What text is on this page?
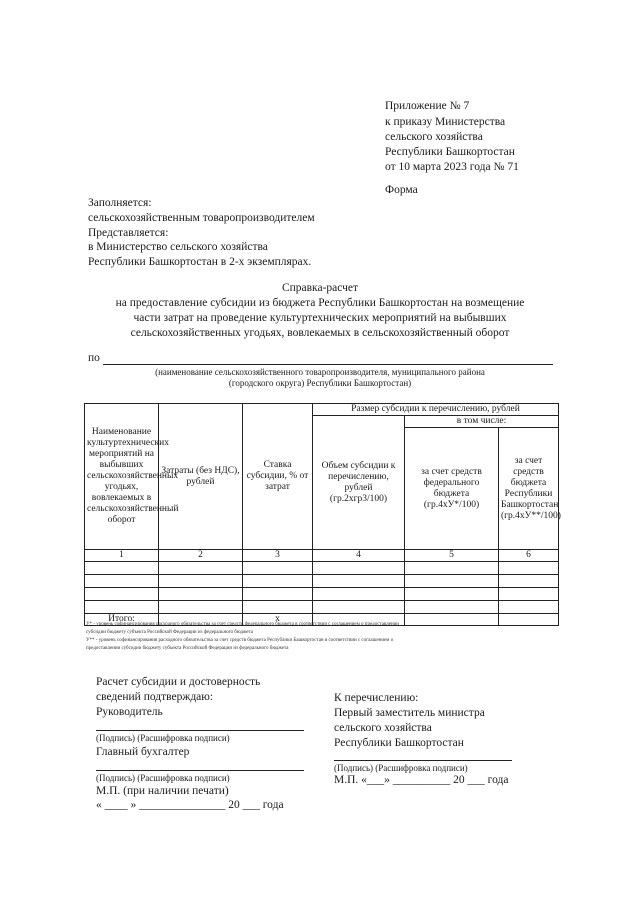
Приложение № 7
к приказу Министерства
сельского хозяйства
Республики Башкортостан
от 10 марта 2023 года № 71
Форма
Заполняется:
сельскохозяйственным товаропроизводителем
Представляется:
в Министерство сельского хозяйства
Республики Башкортостан в 2-х экземплярах.
Справка-расчет
на предоставление субсидии из бюджета Республики Башкортостан на возмещение
части затрат на проведение культуртехнических мероприятий на выбывших
сельскохозяйственных угодьях, вовлекаемых в сельскохозяйственный оборот
по
(наименование сельскохозяйственного товаропроизводителя, муниципального района
(городского округа) Республики Башкортостан)
Наименование культуртехнических мероприятий на выбывших сельскохозяйственных угодьях, вовлекаемых в сельскохозяйственный оборот	Затраты (без НДС), рублей	Ставка субсидии, % от затрат	Размер субсидии к перечислению, рублей		
			Объем субсидии к перечислению, рублей (гр.2хгр3/100)	в том числе:	
				за счет средств федерального бюджета (гр.4хУ*/100)	за счет средств бюджета Республики Башкортостан (гр.4хУ**/100)
1	2	3	4	5	6

Итого:		х			
У* - уровень софинансирования расходного обязательства за счет средств федерального бюджета в соответствии с соглашением о предоставлении
субсидии бюджету субъекта Российской Федерации из федерального бюджета
У** - уровень софинансирования расходного обязательства за счет средств бюджета Республики Башкортостан в соответствии с соглашением о
предоставлении субсидии бюджету субъекта Российской Федерации из федерального бюджета
Расчет субсидии и достоверность
сведений подтверждаю:
Руководитель
(Подпись) (Расшифровка подписи)
Главный бухгалтер
(Подпись) (Расшифровка подписи)
М.П. (при наличии печати)
« ____ » _______________ 20 ___ года
К перечислению:
Первый заместитель министра
сельского хозяйства
Республики Башкортостан
(Подпись) (Расшифровка подписи)
М.П. «___» __________ 20 ___ года
